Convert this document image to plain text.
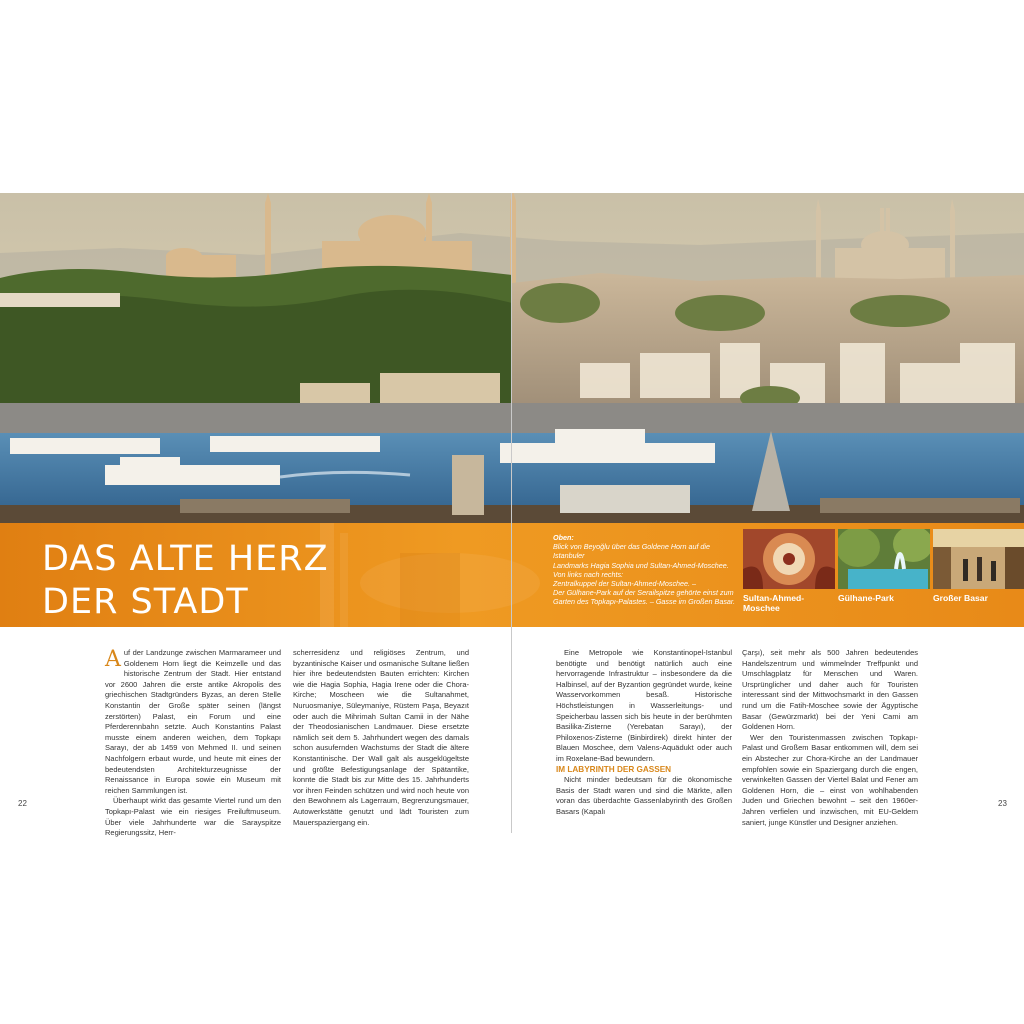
DAS ALTE HERZ
DER STADT
Oben:
Blick von Beyoğlu über das Goldene Horn auf die Istanbuler
Landmarks Hagia Sophia und Sultan-Ahmed-Moschee.
Von links nach rechts:
Zentralkuppel der Sultan-Ahmed-Moschee. –
Der Gülhane-Park auf der Serailspitze gehörte einst zum
Garten des Topkapı-Palastes. – Gasse im Großen Basar. Sultan-Ahmed-
Moschee
Gülhane-Park	Großer Basar

Auf der Landzunge zwischen Marmarameer und Goldenem Horn liegt die Keimzelle und das historische Zentrum der Stadt. Hier entstand vor 2600 Jahren die erste antike Akropolis des griechischen Stadtgründers Byzas, an deren Stelle Konstantin der Große später seinen (längst zerstörten) Palast, ein Forum und eine Pferderennbahn setzte. Auch Konstantins Palast musste einem anderen weichen, dem Topkapı Sarayı, der ab 1459 von Mehmed II. und seinen Nachfolgern erbaut wurde, und heute mit eines der bedeutendsten Architekturzeugnisse der Renaissance in Europa sowie ein Museum mit reichen Sammlungen ist.

Überhaupt wirkt das gesamte Viertel rund um den Topkapı-Palast wie ein riesiges Freiluftmuseum. Über viele Jahrhunderte war die Sarayspitze Regierungssitz, Herr-

scherresidenz und religiöses Zentrum, und byzantinische Kaiser und osmanische Sultane ließen hier ihre bedeutendsten Bauten errichten: Kirchen wie die Hagia Sophia, Hagia Irene oder die Chora-Kirche; Moscheen wie die Sultanahmet, Nuruosmaniye, Süleymaniye, Rüstem Paşa, Beyazıt oder auch die Mihrimah Sultan Camii in der Nähe der Theodosianischen Landmauer. Diese ersetzte nämlich seit dem 5. Jahrhundert wegen des damals schon ausufernden Wachstums der Stadt die ältere Konstantinische. Der Wall galt als ausgeklügeltste und größte Befestigungsanlage der Spätantike, konnte die Stadt bis zur Mitte des 15. Jahrhunderts vor ihren Feinden schützen und wird noch heute von den Bewohnern als Lagerraum, Begrenzungsmauer, Autowerkstätte genutzt und lädt Touristen zum Mauerspaziergang ein.

Eine Metropole wie Konstantinopel-Istanbul benötigte und benötigt natürlich auch eine hervorragende Infrastruktur – insbesondere da die Halbinsel, auf der Byzantion gegründet wurde, keine Wasservorkommen besaß. Historische Höchstleistungen in Wasserleitungs- und Speicherbau lassen sich bis heute in der berühmten Basilika-Zisterne (Yerebatan Sarayı), der Philoxenos-Zisterne (Binbirdirek) direkt hinter der Blauen Moschee, dem Valens-Aquädukt oder auch im Roxelane-Bad bewundern.

IM LABYRINTH DER GASSEN

Nicht minder bedeutsam für die ökonomische Basis der Stadt waren und sind die Märkte, allen voran das überdachte Gassenlabyrinth des Großen Basars (Kapalı

Çarşı), seit mehr als 500 Jahren bedeutendes Handelszentrum und wimmelnder Treffpunkt und Umschlagplatz für Menschen und Waren. Ursprünglicher und daher auch für Touristen interessant sind der Mittwochsmarkt in den Gassen rund um die Fatih-Moschee sowie der Ägyptische Basar (Gewürzmarkt) bei der Yeni Cami am Goldenen Horn.

Wer den Touristenmassen zwischen Topkapı-Palast und Großem Basar entkommen will, dem sei ein Abstecher zur Chora-Kirche an der Landmauer empfohlen sowie ein Spaziergang durch die engen, verwinkelten Gassen der Viertel Balat und Fener am Goldenen Horn, die – einst von wohlhabenden Juden und Griechen bewohnt – seit den 1960er-Jahren verfielen und inzwischen, mit EU-Geldern saniert, junge Künstler und Designer anziehen.

22	23
